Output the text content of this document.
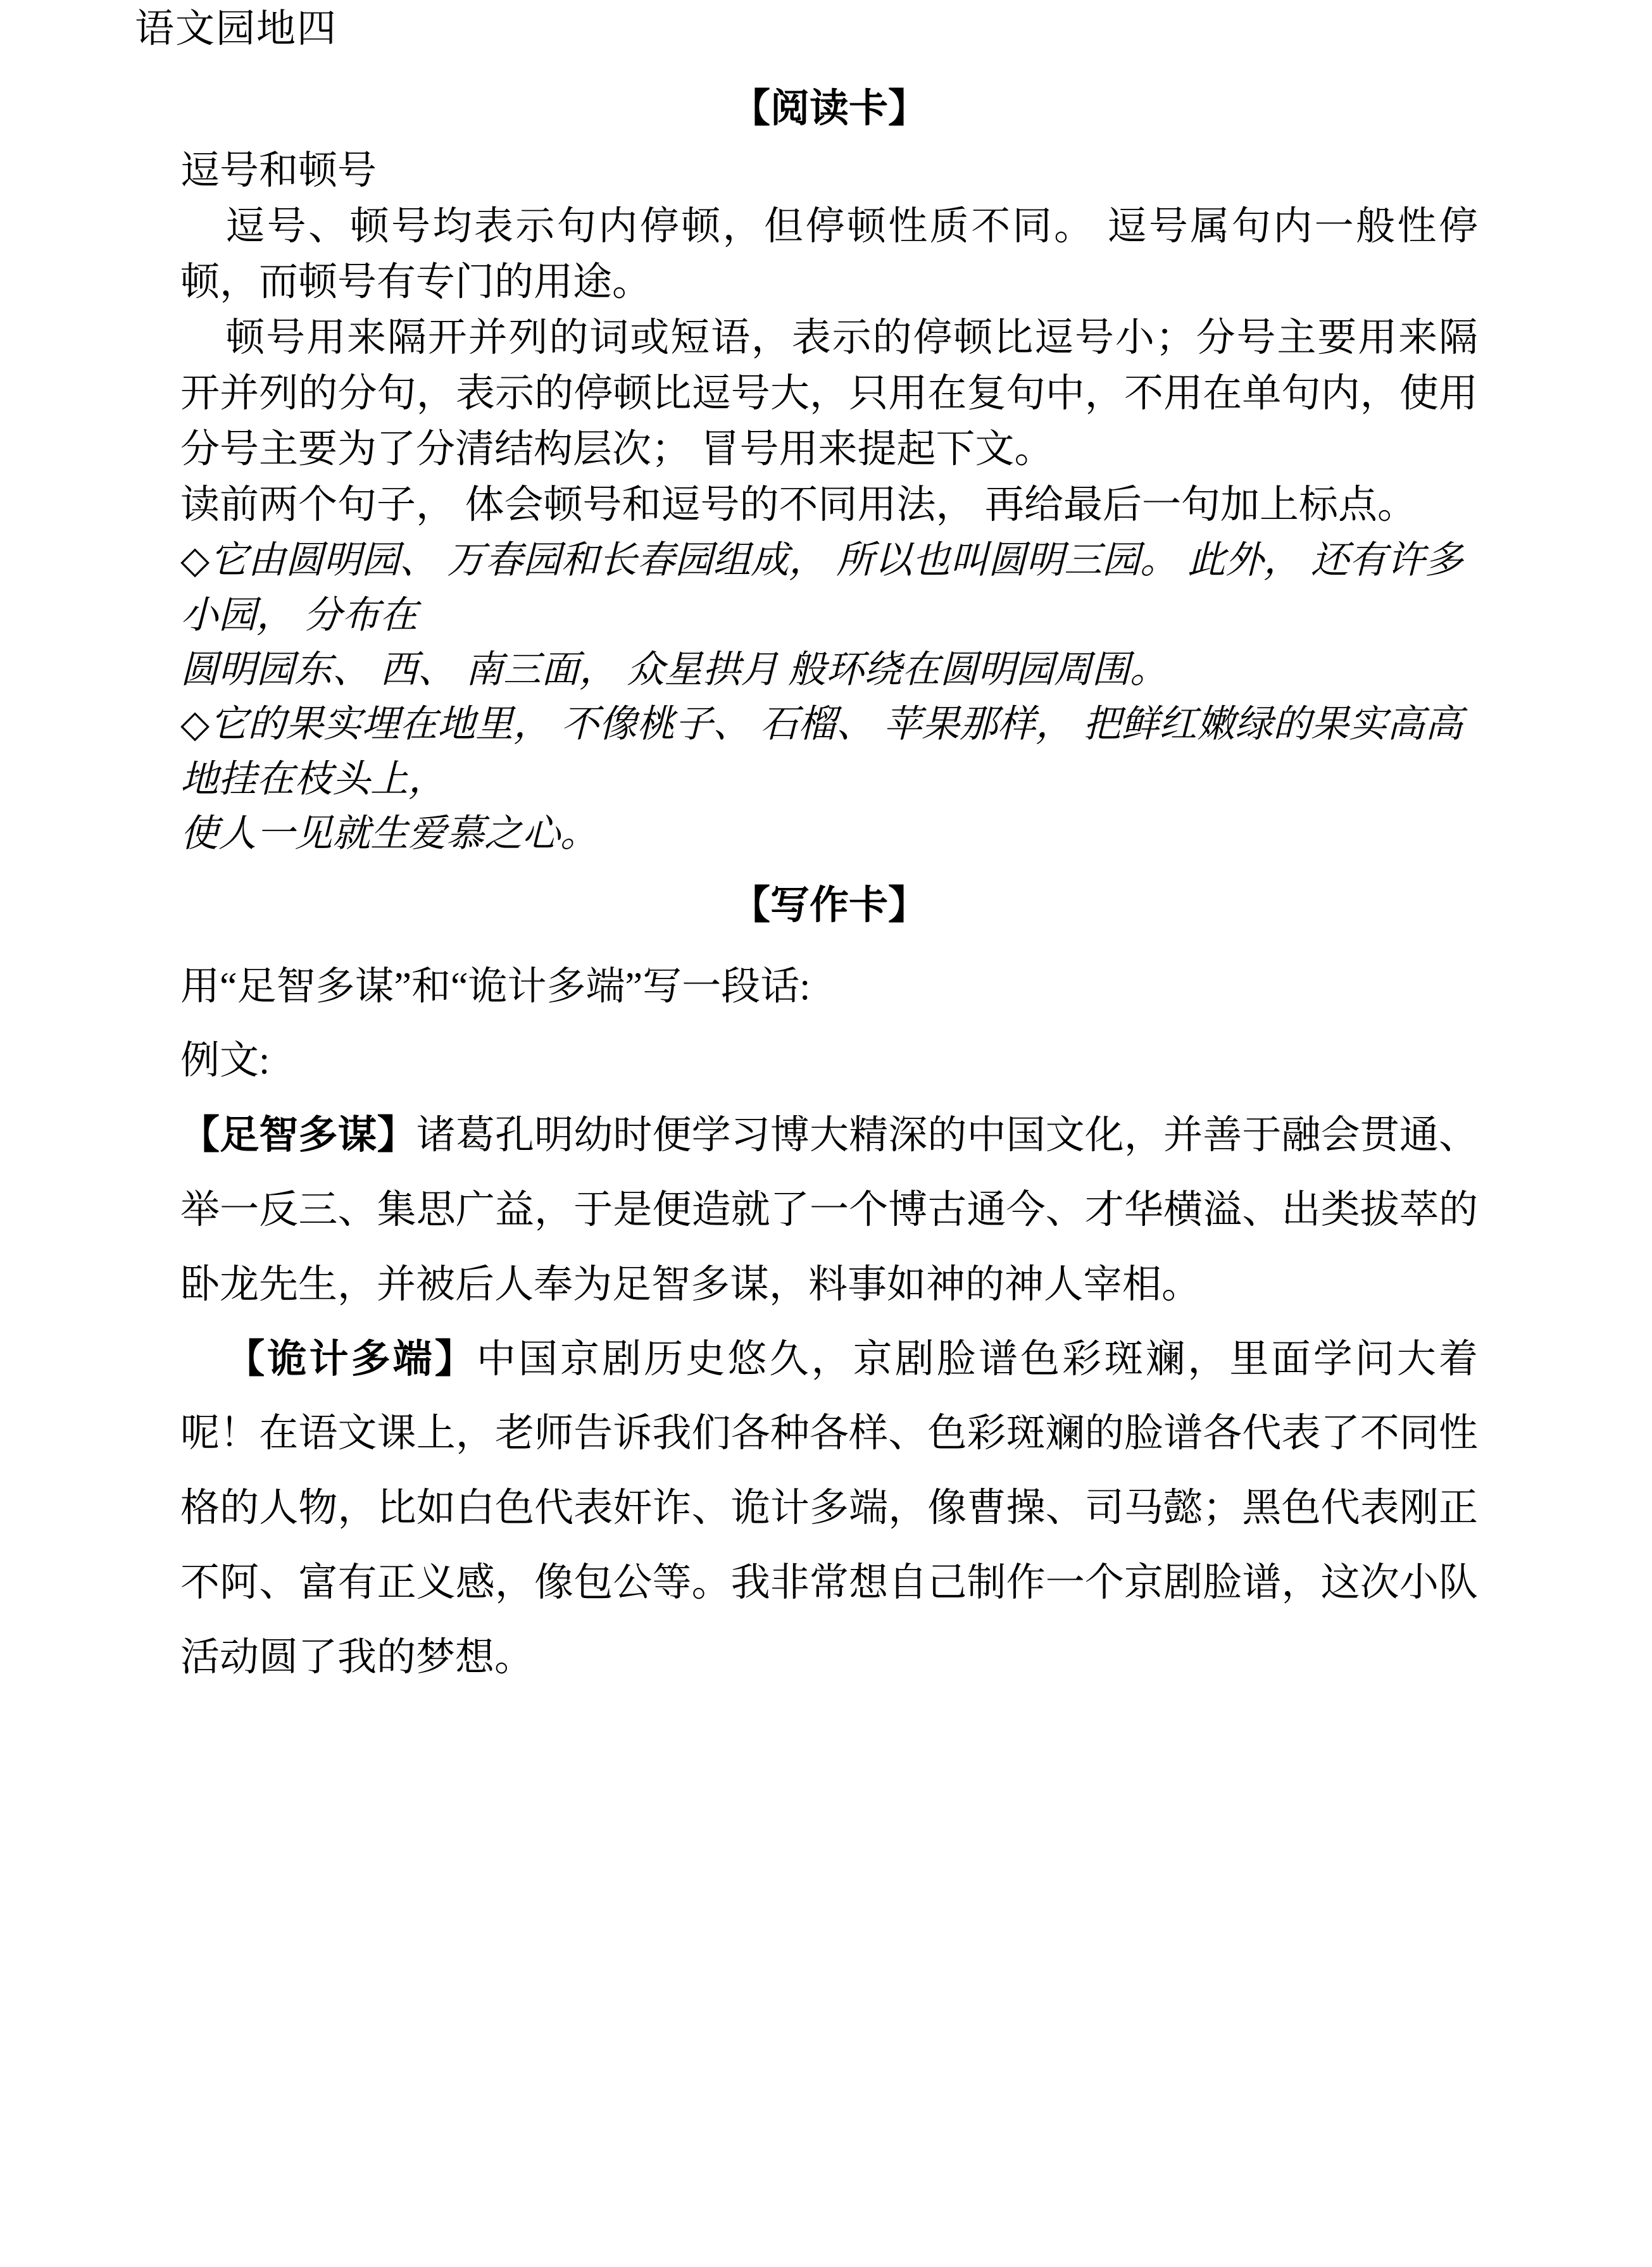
语文园地四
【阅读卡】
逗号和顿号
逗号、顿号均表示句内停顿，但停顿性质不同。 逗号属句内一般性停顿，而顿号有专门的用途。
顿号用来隔开并列的词或短语，表示的停顿比逗号小；分号主要用来隔开并列的分句，表示的停顿比逗号大，只用在复句中，不用在单句内，使用分号主要为了分清结构层次； 冒号用来提起下文。
读前两个句子， 体会顿号和逗号的不同用法， 再给最后一句加上标点。
◇它由圆明园、 万春园和长春园组成， 所以也叫圆明三园。 此外， 还有许多小园， 分布在
圆明园东、 西、 南三面， 众星拱月 般环绕在圆明园周围。
◇它的果实埋在地里， 不像桃子、 石榴、 苹果那样， 把鲜红嫩绿的果实高高地挂在枝头上，
使人一见就生爱慕之心。
【写作卡】
用“足智多谋”和“诡计多端”写一段话:
例文:
【足智多谋】诸葛孔明幼时便学习博大精深的中国文化，并善于融会贯通、举一反三、集思广益，于是便造就了一个博古通今、才华横溢、出类拔萃的卧龙先生，并被后人奉为足智多谋，料事如神的神人宰相。
【诡计多端】中国京剧历史悠久，京剧脸谱色彩斑斓，里面学问大着呢！在语文课上，老师告诉我们各种各样、色彩斑斓的脸谱各代表了不同性格的人物，比如白色代表奸诈、诡计多端，像曹操、司马懿；黑色代表刚正不阿、富有正义感，像包公等。我非常想自己制作一个京剧脸谱，这次小队活动圆了我的梦想。
